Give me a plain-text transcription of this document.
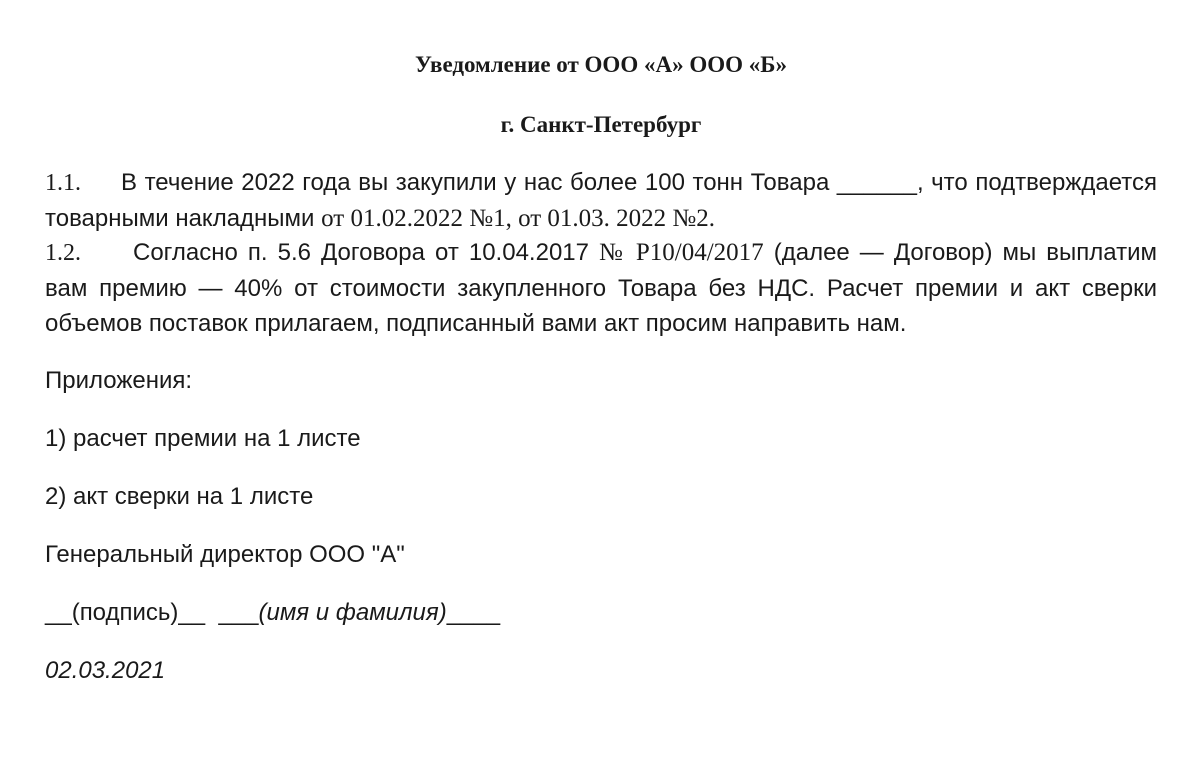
Уведомление от ООО «А» ООО «Б»
г. Санкт-Петербург
1.1. В течение 2022 года вы закупили у нас более 100 тонн Товара ______, что подтверждается товарными накладными от 01.02.2022 №1, от 01.03. 2022 №2.
1.2. Согласно п. 5.6 Договора от 10.04.2017 № Р10/04/2017 (далее — Договор) мы выплатим вам премию — 40% от стоимости закупленного Товара без НДС. Расчет премии и акт сверки объемов поставок прилагаем, подписанный вами акт просим направить нам.
Приложения:
1) расчет премии на 1 листе
2) акт сверки на 1 листе
Генеральный директор ООО "А"
__(подпись)__ ___(имя и фамилия)____
02.03.2021
